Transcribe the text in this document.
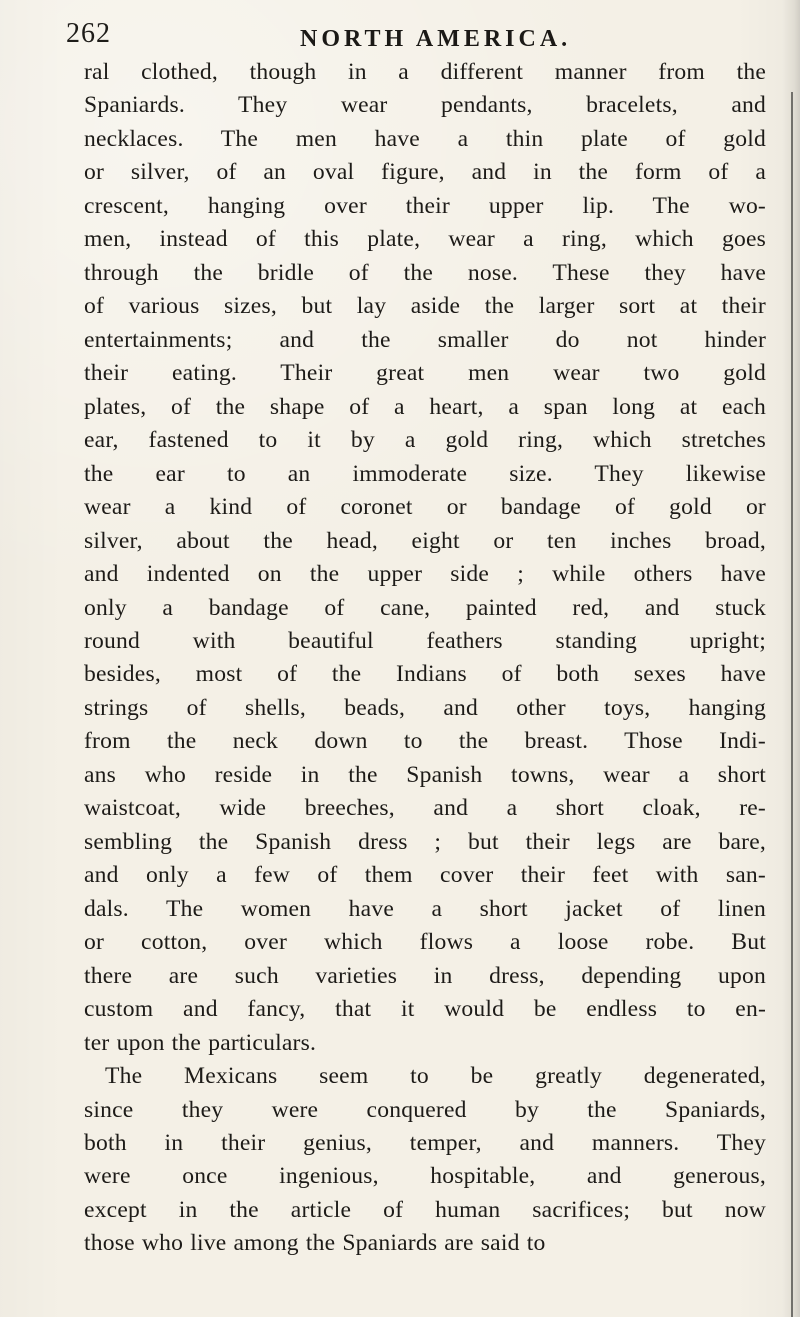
262	NORTH AMERICA.
ral clothed, though in a different manner from the
Spaniards. They wear pendants, bracelets, and
necklaces. The men have a thin plate of gold
or silver, of an oval figure, and in the form of a
crescent, hanging over their upper lip. The wo-
men, instead of this plate, wear a ring, which goes
through the bridle of the nose. These they have
of various sizes, but lay aside the larger sort at their
entertainments; and the smaller do not hinder
their eating. Their great men wear two gold
plates, of the shape of a heart, a span long at each
ear, fastened to it by a gold ring, which stretches
the ear to an immoderate size. They likewise
wear a kind of coronet or bandage of gold or
silver, about the head, eight or ten inches broad,
and indented on the upper side ; while others have
only a bandage of cane, painted red, and stuck
round with beautiful feathers standing upright;
besides, most of the Indians of both sexes have
strings of shells, beads, and other toys, hanging
from the neck down to the breast. Those Indi-
ans who reside in the Spanish towns, wear a short
waistcoat, wide breeches, and a short cloak, re-
sembling the Spanish dress ; but their legs are bare,
and only a few of them cover their feet with san-
dals. The women have a short jacket of linen
or cotton, over which flows a loose robe. But
there are such varieties in dress, depending upon
custom and fancy, that it would be endless to en-
ter upon the particulars.
The Mexicans seem to be greatly degenerated,
since they were conquered by the Spaniards,
both in their genius, temper, and manners. They
were once ingenious, hospitable, and generous,
except in the article of human sacrifices; but now
those who live among the Spaniards are said to
